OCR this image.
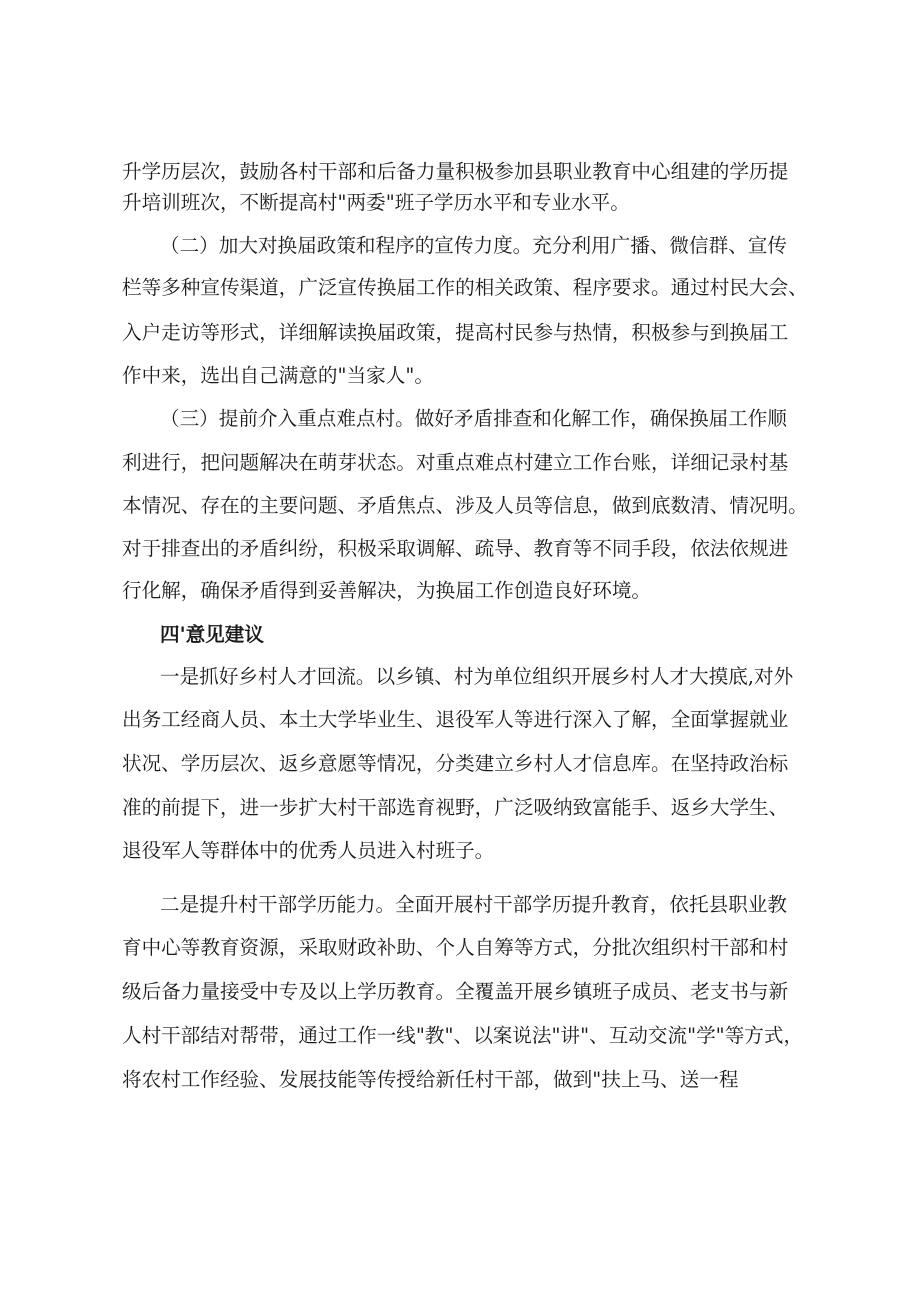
升学历层次，鼓励各村干部和后备力量积极参加县职业教育中心组建的学历提
升培训班次，不断提高村"两委"班子学历水平和专业水平。
（二）加大对换届政策和程序的宣传力度。充分利用广播、微信群、宣传
栏等多种宣传渠道，广泛宣传换届工作的相关政策、程序要求。通过村民大会、
入户走访等形式，详细解读换届政策，提高村民参与热情，积极参与到换届工
作中来，选出自己满意的"当家人"。
（三）提前介入重点难点村。做好矛盾排查和化解工作，确保换届工作顺
利进行，把问题解决在萌芽状态。对重点难点村建立工作台账，详细记录村基
本情况、存在的主要问题、矛盾焦点、涉及人员等信息，做到底数清、情况明。
对于排查出的矛盾纠纷，积极采取调解、疏导、教育等不同手段，依法依规进
行化解，确保矛盾得到妥善解决，为换届工作创造良好环境。
四'意见建议
一是抓好乡村人才回流。以乡镇、村为单位组织开展乡村人才大摸底,对外
出务工经商人员、本土大学毕业生、退役军人等进行深入了解，全面掌握就业
状况、学历层次、返乡意愿等情况，分类建立乡村人才信息库。在坚持政治标
准的前提下，进一步扩大村干部选育视野，广泛吸纳致富能手、返乡大学生、
退役军人等群体中的优秀人员进入村班子。
二是提升村干部学历能力。全面开展村干部学历提升教育，依托县职业教
育中心等教育资源，采取财政补助、个人自筹等方式，分批次组织村干部和村
级后备力量接受中专及以上学历教育。全覆盖开展乡镇班子成员、老支书与新
人村干部结对帮带，通过工作一线"教"、以案说法"讲"、互动交流"学"等方式，
将农村工作经验、发展技能等传授给新任村干部，做到"扶上马、送一程
